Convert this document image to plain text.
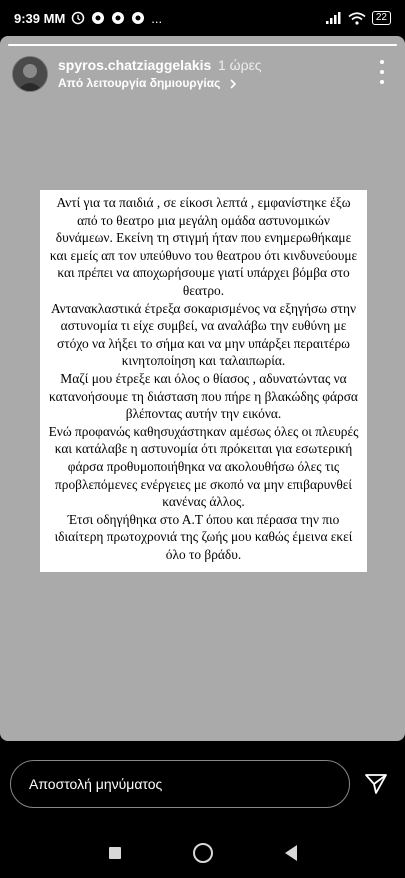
9:39 MM	...	22
spyros.chatziaggelakis 1 ώρες
Από λειτουργία δημιουργίας
Αντί για τα παιδιά , σε είκοσι λεπτά , εμφανίστηκε έξω
από το θεατρο μια μεγάλη ομάδα αστυνομικών
δυνάμεων. Εκείνη τη στιγμή ήταν που ενημερωθήκαμε
και εμείς απ τον υπεύθυνο του θεατρου ότι κινδυνεύουμε
και πρέπει να αποχωρήσουμε γιατί υπάρχει βόμβα στο
θεατρο.
Αντανακλαστικά έτρεξα σοκαρισμένος να εξηγήσω στην
αστυνομία τι είχε συμβεί, να αναλάβω την ευθύνη με
στόχο να λήξει το σήμα και να μην υπάρξει περαιτέρω
κινητοποίηση και ταλαιπωρία.
Μαζί μου έτρεξε και όλος ο θίασος , αδυνατώντας να
κατανοήσουμε τη διάσταση που πήρε η βλακώδης φάρσα
βλέποντας αυτήν την εικόνα.
Ενώ προφανώς καθησυχάστηκαν αμέσως όλες οι πλευρές
και κατάλαβε η αστυνομία ότι πρόκειται για εσωτερική
φάρσα προθυμοποιήθηκα να ακολουθήσω όλες τις
προβλεπόμενες ενέργειες με σκοπό να μην επιβαρυνθεί
κανένας άλλος.
Έτσι οδηγήθηκα στο Α.Τ όπου και πέρασα την πιο
ιδιαίτερη πρωτοχρονιά της ζωής μου καθώς έμεινα εκεί
όλο το βράδυ.
Αποστολή μηνύματος
